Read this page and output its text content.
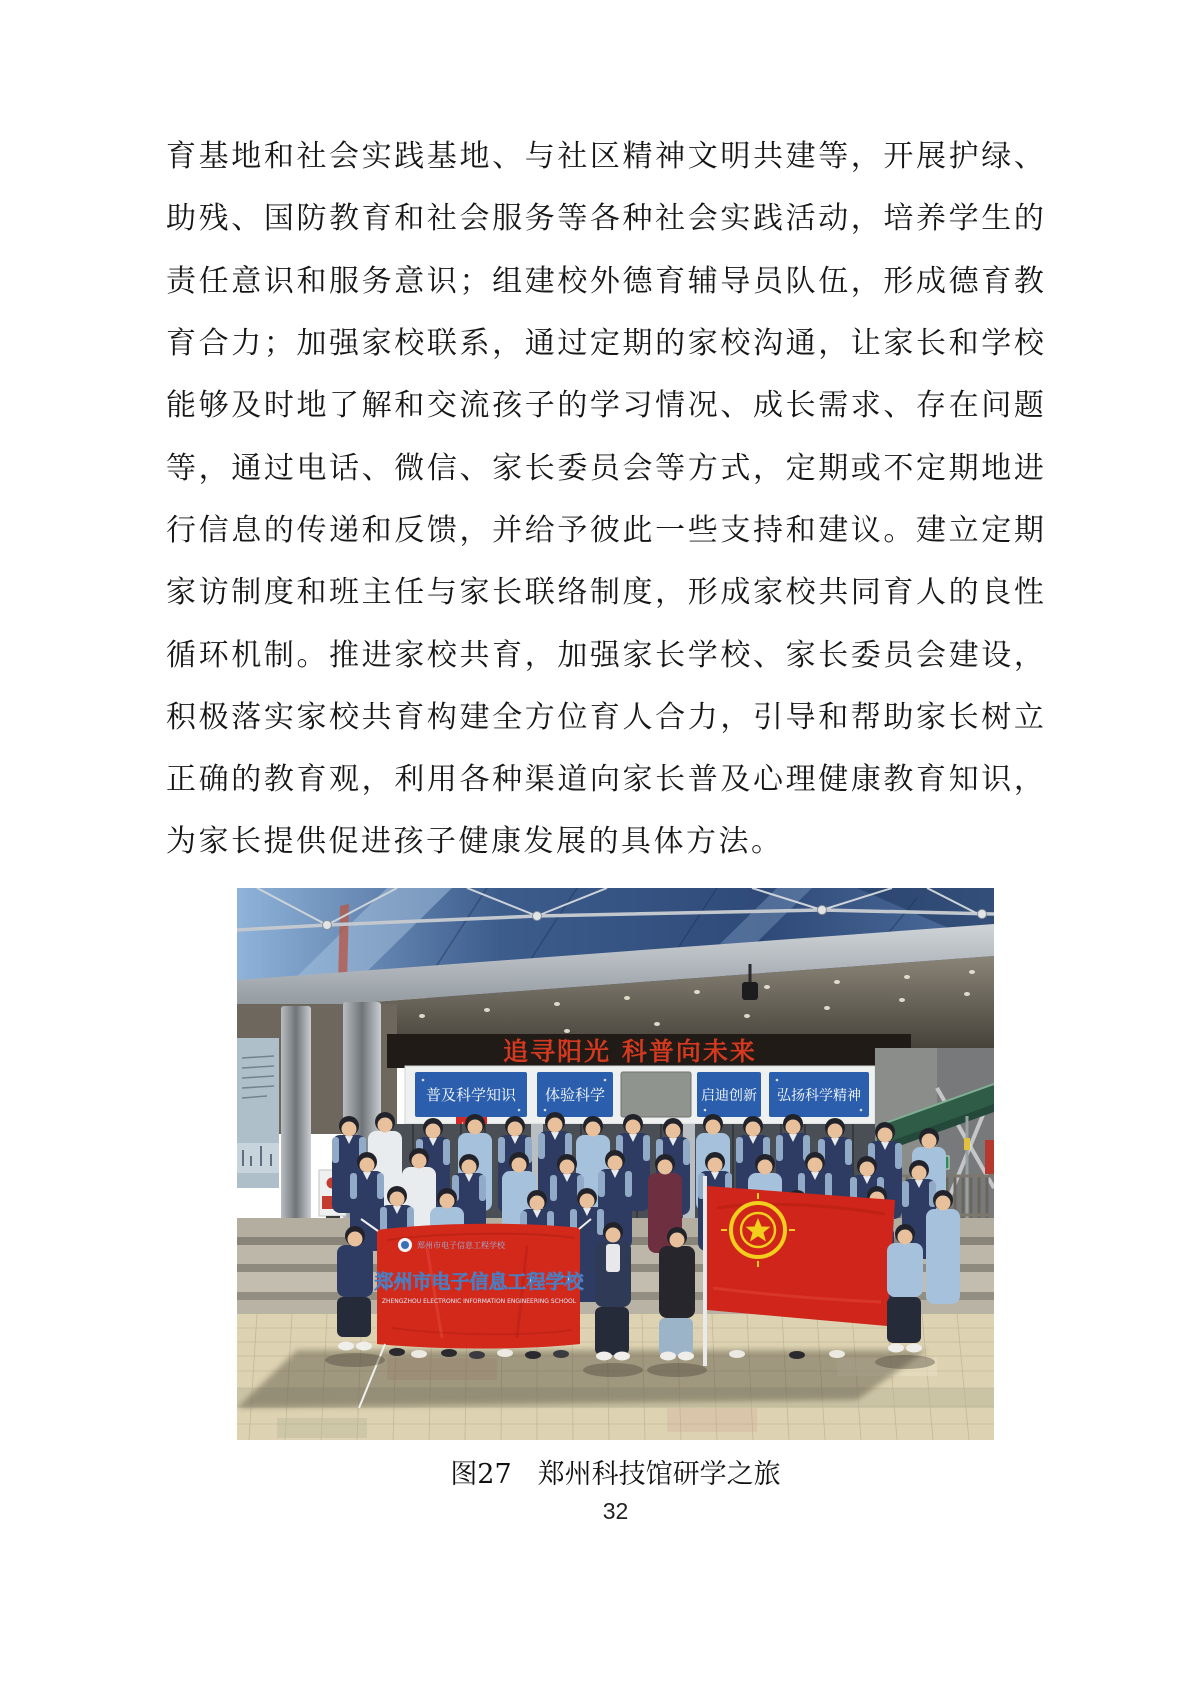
育 基 地 和 社 会 实 践 基 地 、 与 社 区 精 神 文 明 共 建 等 ， 开 展 护 绿 、
助 残 、 国 防 教 育 和 社 会 服 务 等 各 种 社 会 实 践 活 动 ， 培 养 学 生 的
责 任 意 识 和 服 务 意 识 ； 组 建 校 外 德 育 辅 导 员 队 伍 ， 形 成 德 育 教
育 合 力 ； 加 强 家 校 联 系 ， 通 过 定 期 的 家 校 沟 通 ， 让 家 长 和 学 校
能 够 及 时 地 了 解 和 交 流 孩 子 的 学 习 情 况 、 成 长 需 求 、 存 在 问 题
等 ， 通 过 电 话 、 微 信 、 家 长 委 员 会 等 方 式 ， 定 期 或 不 定 期 地 进
行 信 息 的 传 递 和 反 馈 ， 并 给 予 彼 此 一 些 支 持 和 建 议 。 建 立 定 期
家 访 制 度 和 班 主 任 与 家 长 联 络 制 度 ， 形 成 家 校 共 同 育 人 的 良 性
循 环 机 制 。 推 进 家 校 共 育 ， 加 强 家 长 学 校 、 家 长 委 员 会 建 设 ，
积 极 落 实 家 校 共 育 构 建 全 方 位 育 人 合 力 ， 引 导 和 帮 助 家 长 树 立
正 确 的 教 育 观 ， 利 用 各 种 渠 道 向 家 长 普 及 心 理 健 康 教 育 知 识 ，
为家长提供促进孩子健康发展的具体方法。
追寻阳光 科普向未来
普及科学知识 体验科学	启迪创新 弘扬科学精神
郑州市电子信息工程学校
郑州市电子信息工程学校
ZHENGZHOU ELECTRONIC INFORMATION ENGINEERING SCHOOL
图27 郑州科技馆研学之旅
32
